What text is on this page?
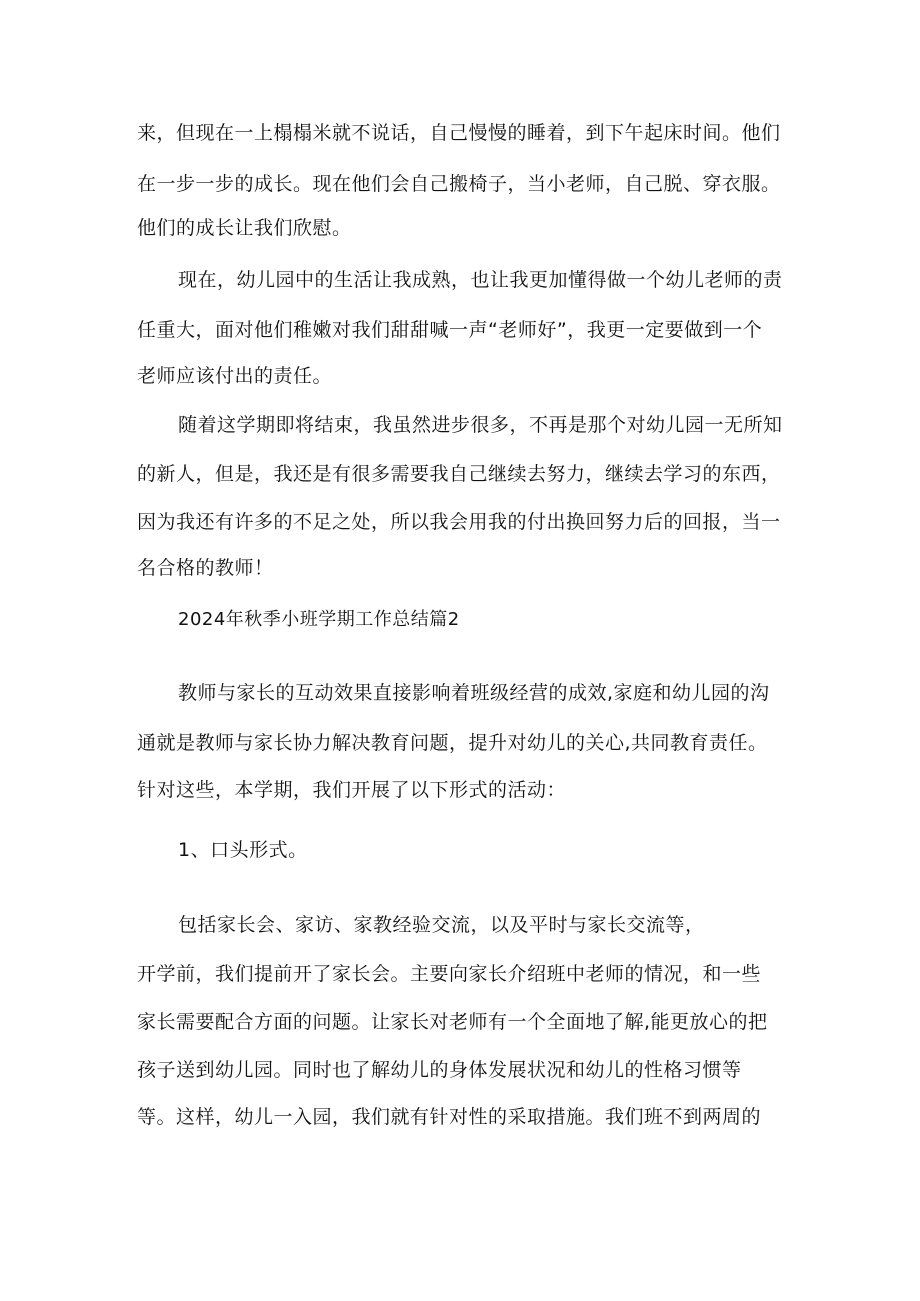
来，但现在一上榻榻米就不说话，自己慢慢的睡着，到下午起床时间。他们
在一步一步的成长。现在他们会自己搬椅子，当小老师，自己脱、穿衣服。
他们的成长让我们欣慰。
现在，幼儿园中的生活让我成熟，也让我更加懂得做一个幼儿老师的责
任重大，面对他们稚嫩对我们甜甜喊一声“老师好”，我更一定要做到一个
老师应该付出的责任。
随着这学期即将结束，我虽然进步很多，不再是那个对幼儿园一无所知
的新人，但是，我还是有很多需要我自己继续去努力，继续去学习的东西，
因为我还有许多的不足之处，所以我会用我的付出换回努力后的回报，当一
名合格的教师！
2024年秋季小班学期工作总结篇2
教师与家长的互动效果直接影响着班级经营的成效,家庭和幼儿园的沟
通就是教师与家长协力解决教育问题，提升对幼儿的关心,共同教育责任。
针对这些，本学期，我们开展了以下形式的活动：
1、口头形式。
包括家长会、家访、家教经验交流，以及平时与家长交流等，
开学前，我们提前开了家长会。主要向家长介绍班中老师的情况，和一些
家长需要配合方面的问题。让家长对老师有一个全面地了解,能更放心的把
孩子送到幼儿园。同时也了解幼儿的身体发展状况和幼儿的性格习惯等
等。这样，幼儿一入园，我们就有针对性的采取措施。我们班不到两周的
